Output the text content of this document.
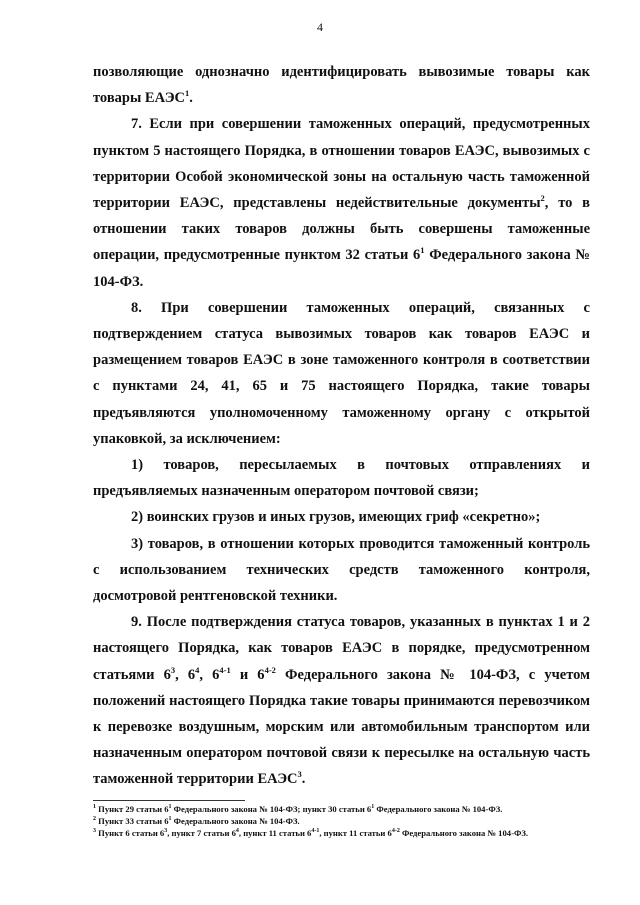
4

позволяющие однозначно идентифицировать вывозимые товары как товары ЕАЭС$^1$.

7. Если при совершении таможенных операций, предусмотренных пунктом 5 настоящего Порядка, в отношении товаров ЕАЭС, вывозимых с территории Особой экономической зоны на остальную часть таможенной территории ЕАЭС, представлены недействительные документы$^2$, то в отношении таких товаров должны быть совершены таможенные операции, предусмотренные пунктом 32 статьи $6^1$ Федерального закона № 104-ФЗ.

8. При совершении таможенных операций, связанных с подтверждением статуса вывозимых товаров как товаров ЕАЭС и размещением товаров ЕАЭС в зоне таможенного контроля в соответствии с пунктами 24, 41, 65 и 75 настоящего Порядка, такие товары предъявляются уполномоченному таможенному органу с открытой упаковкой, за исключением:

1) товаров, пересылаемых в почтовых отправлениях и предъявляемых назначенным оператором почтовой связи;

2) воинских грузов и иных грузов, имеющих гриф «секретно»;

3) товаров, в отношении которых проводится таможенный контроль с использованием технических средств таможенного контроля, досмотровой рентгеновской техники.

9. После подтверждения статуса товаров, указанных в пунктах 1 и 2 настоящего Порядка, как товаров ЕАЭС в порядке, предусмотренном статьями $6^3$, $6^4$, 6$^{4-1}$ и 6$^{4-2}$ Федерального закона № 104-ФЗ, с учетом положений настоящего Порядка такие товары принимаются перевозчиком к перевозке воздушным, морским или автомобильным транспортом или назначенным оператором почтовой связи к пересылке на остальную часть таможенной территории ЕАЭС$^3$.

$^1$ Пункт 29 статьи $6^1$ Федерального закона № 104-ФЗ; пункт 30 статьи $6^1$ Федерального закона № 104-ФЗ.

$^2$ Пункт 33 статьи $6^1$ Федерального закона № 104-ФЗ.

$^3$ Пункт 6 статьи $6^3$, пункт 7 статьи $6^4$, пункт 11 статьи 6$^{4-1}$, пункт 11 статьи 6$^{4-2}$ Федерального закона № 104-ФЗ.
